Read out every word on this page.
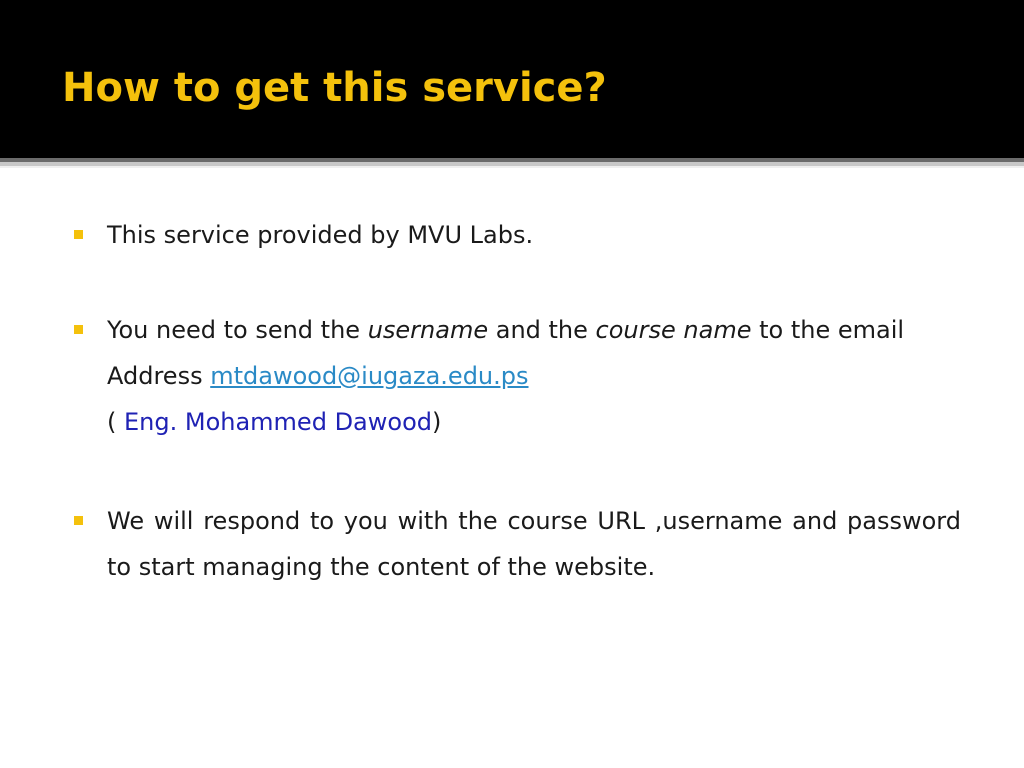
How to get this service?
This service provided by MVU Labs.
You need to send the username and the course name to the email Address mtdawood@iugaza.edu.ps
( Eng. Mohammed Dawood)
We will respond to you with the course URL ,username and password to start managing the content of the website.
